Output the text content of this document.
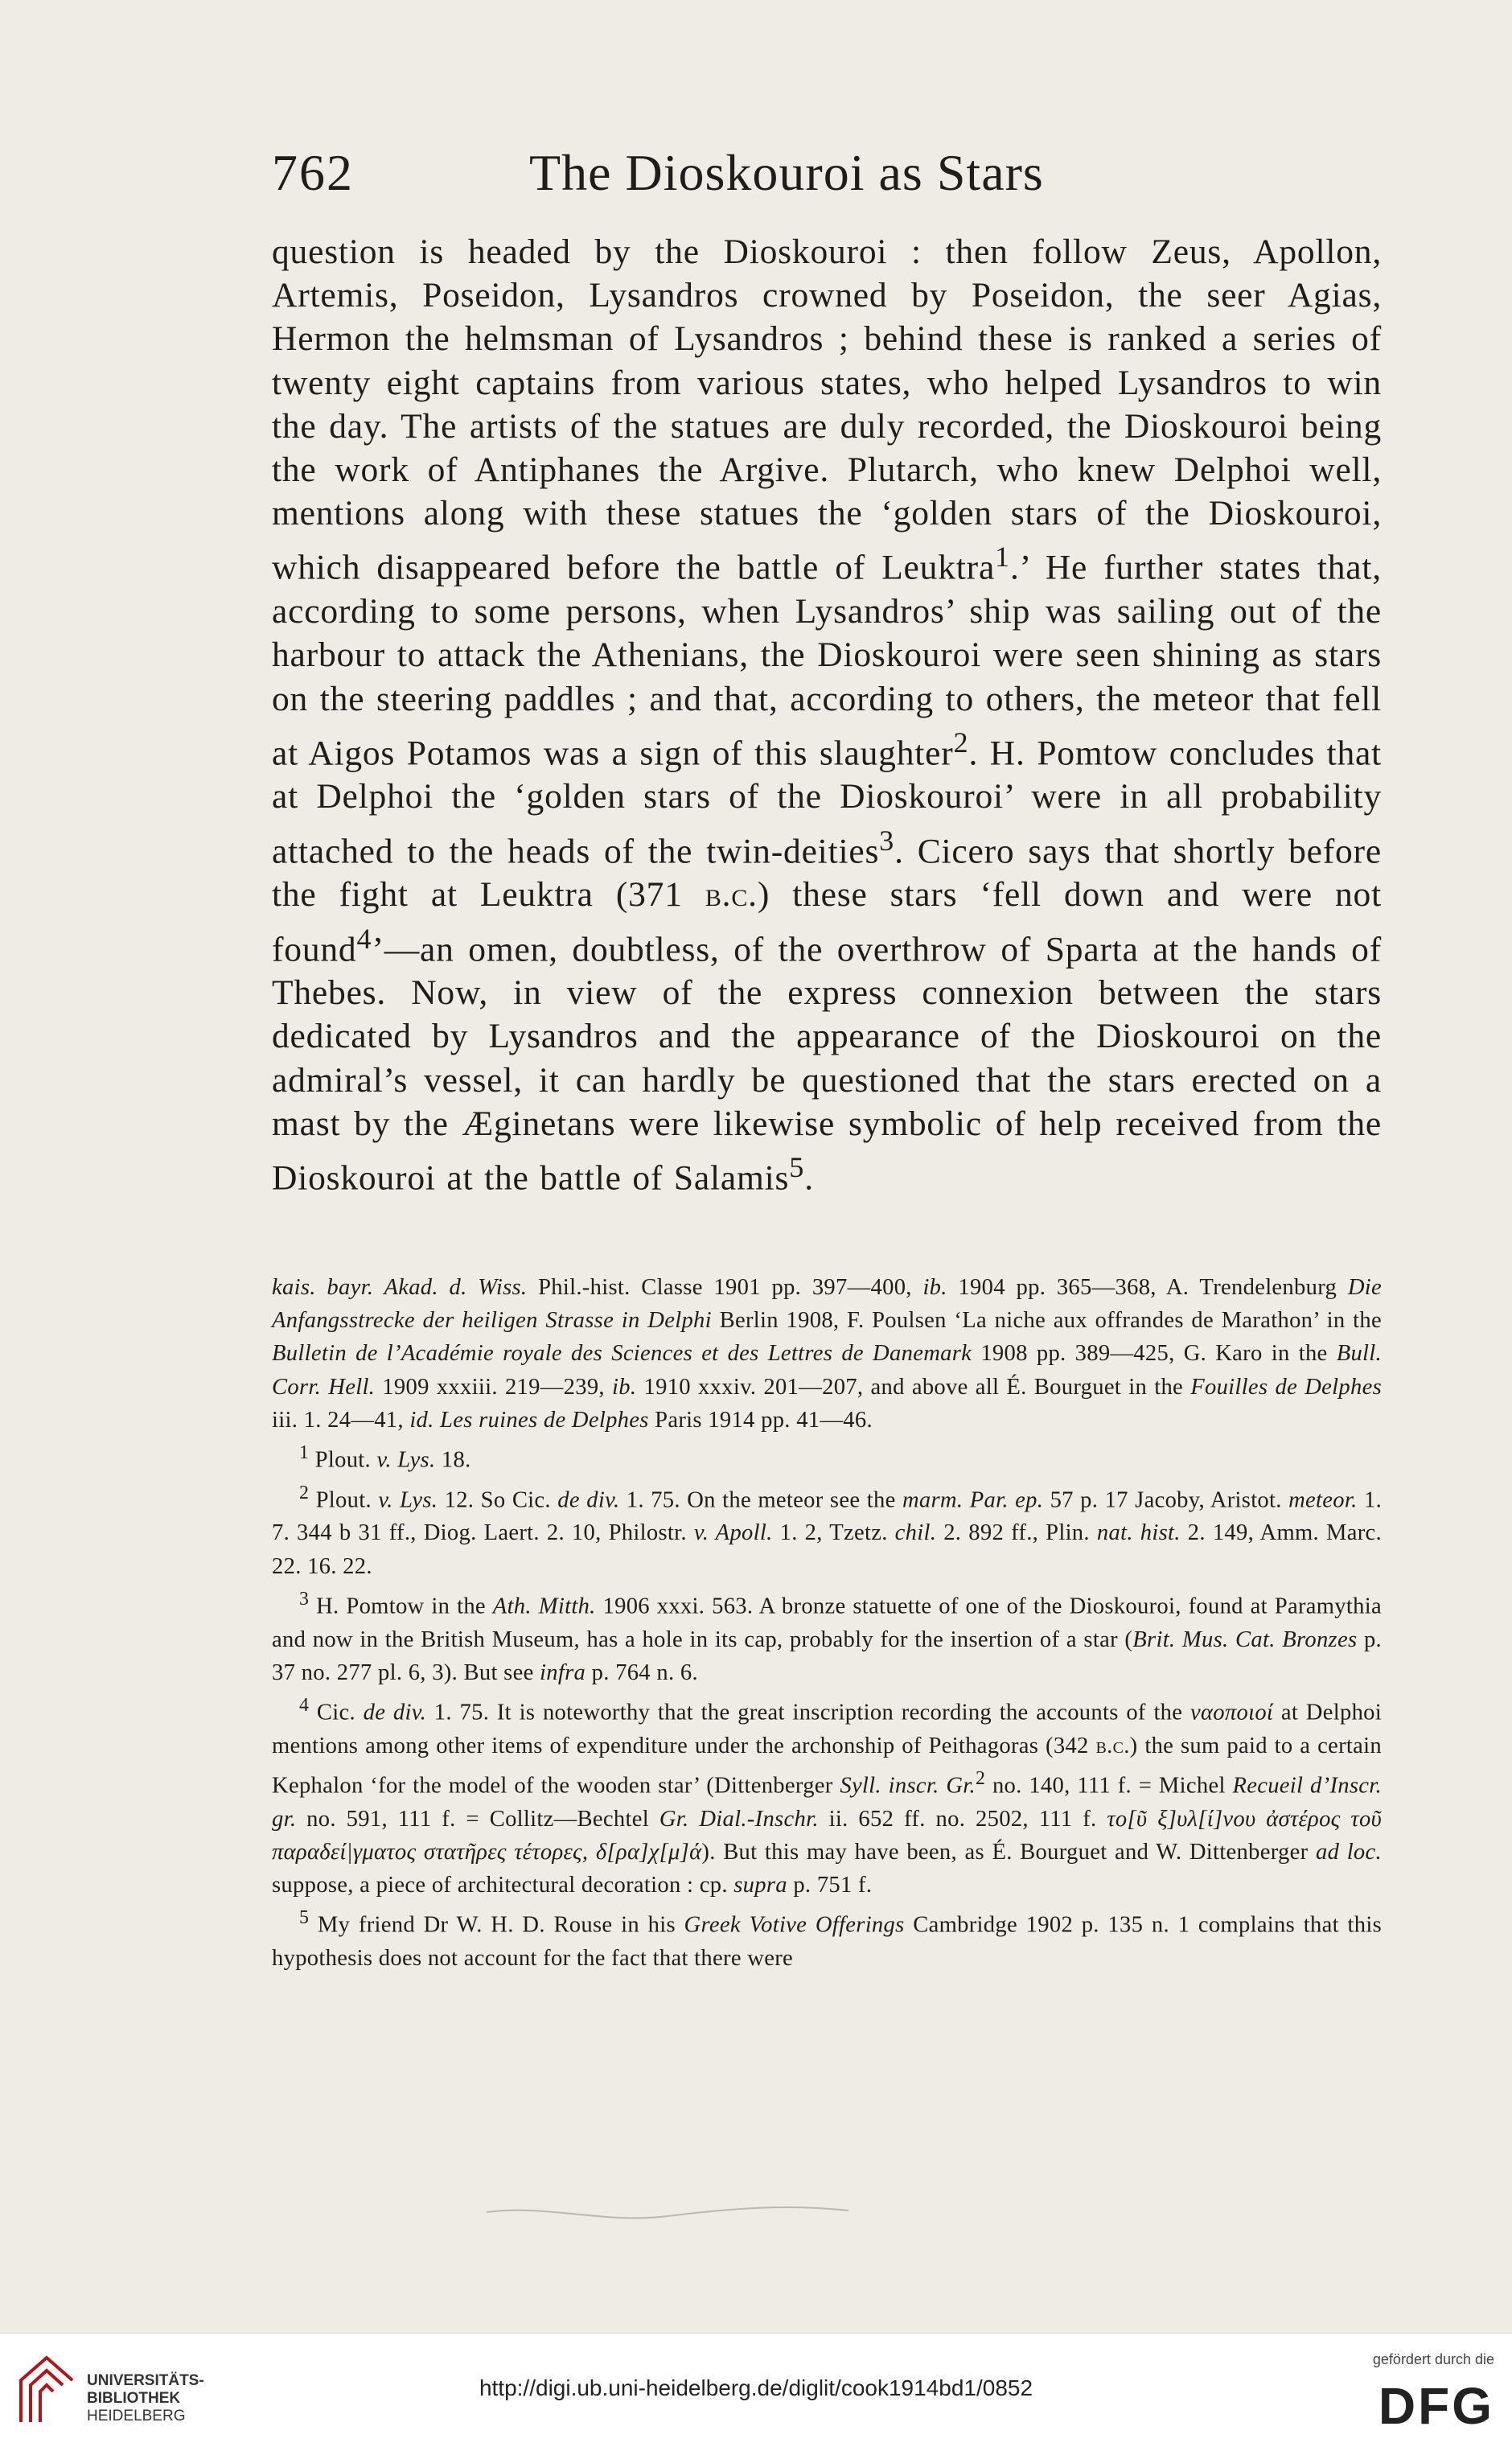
762	The Dioskouroi as Stars

question is headed by the Dioskouroi : then follow Zeus, Apollon, Artemis, Poseidon, Lysandros crowned by Poseidon, the seer Agias, Hermon the helmsman of Lysandros ; behind these is ranked a series of twenty eight captains from various states, who helped Lysandros to win the day. The artists of the statues are duly recorded, the Dioskouroi being the work of Antiphanes the Argive. Plutarch, who knew Delphoi well, mentions along with these statues the ‘golden stars of the Dioskouroi, which disappeared before the battle of Leuktra$^1$.’ He further states that, according to some persons, when Lysandros’ ship was sailing out of the harbour to attack the Athenians, the Dioskouroi were seen shining as stars on the steering paddles ; and that, according to others, the meteor that fell at Aigos Potamos was a sign of this slaughter$^2$. H. Pomtow concludes that at Delphoi the ‘golden stars of the Dioskouroi’ were in all probability attached to the heads of the twin-deities$^3$. Cicero says that shortly before the fight at Leuktra (371 b.c.) these stars ‘fell down and were not found$^4$’—an omen, doubtless, of the overthrow of Sparta at the hands of Thebes. Now, in view of the express connexion between the stars dedicated by Lysandros and the appearance of the Dioskouroi on the admiral’s vessel, it can hardly be questioned that the stars erected on a mast by the Æginetans were likewise symbolic of help received from the Dioskouroi at the battle of Salamis$^5$.

kais. bayr. Akad. d. Wiss. Phil.-hist. Classe 1901 pp. 397—400, ib. 1904 pp. 365—368, A. Trendelenburg Die Anfangsstrecke der heiligen Strasse in Delphi Berlin 1908, F. Poulsen ‘La niche aux offrandes de Marathon’ in the Bulletin de l’Académie royale des Sciences et des Lettres de Danemark 1908 pp. 389—425, G. Karo in the Bull. Corr. Hell. 1909 xxxiii. 219—239, ib. 1910 xxxiv. 201—207, and above all É. Bourguet in the Fouilles de Delphes iii. 1. 24—41, id. Les ruines de Delphes Paris 1914 pp. 41—46.

$^1$ Plout. v. Lys. 18.

$^2$ Plout. v. Lys. 12. So Cic. de div. 1. 75. On the meteor see the marm. Par. ep. 57 p. 17 Jacoby, Aristot. meteor. 1. 7. 344 b 31 ff., Diog. Laert. 2. 10, Philostr. v. Apoll. 1. 2, Tzetz. chil. 2. 892 ff., Plin. nat. hist. 2. 149, Amm. Marc. 22. 16. 22.

$^3$ H. Pomtow in the Ath. Mitth. 1906 xxxi. 563. A bronze statuette of one of the Dioskouroi, found at Paramythia and now in the British Museum, has a hole in its cap, probably for the insertion of a star (Brit. Mus. Cat. Bronzes p. 37 no. 277 pl. 6, 3). But see infra p. 764 n. 6.

$^4$ Cic. de div. 1. 75. It is noteworthy that the great inscription recording the accounts of the ναοποιοί at Delphoi mentions among other items of expenditure under the archonship of Peithagoras (342 b.c.) the sum paid to a certain Kephalon ‘for the model of the wooden star’ (Dittenberger Syll. inscr. Gr.$^2$ no. 140, 111 f. = Michel Recueil d’Inscr. gr. no. 591, 111 f. = Collitz—Bechtel Gr. Dial.-Inschr. ii. 652 ff. no. 2502, 111 f. το[ῦ ξ]υλ[ί]νου ἀστέρος τοῦ παραδεί|γματος στατῆρες τέτορες, δ[ρα]χ[μ]ά). But this may have been, as É. Bourguet and W. Dittenberger ad loc. suppose, a piece of architectural decoration : cp. supra p. 751 f.

$^5$ My friend Dr W. H. D. Rouse in his Greek Votive Offerings Cambridge 1902 p. 135 n. 1 complains that this hypothesis does not account for the fact that there were

UNIVERSITÄTS-
BIBLIOTHEK
HEIDELBERG
http://digi.ub.uni-heidelberg.de/diglit/cook1914bd1/0852
gefördert durch die
DFG
